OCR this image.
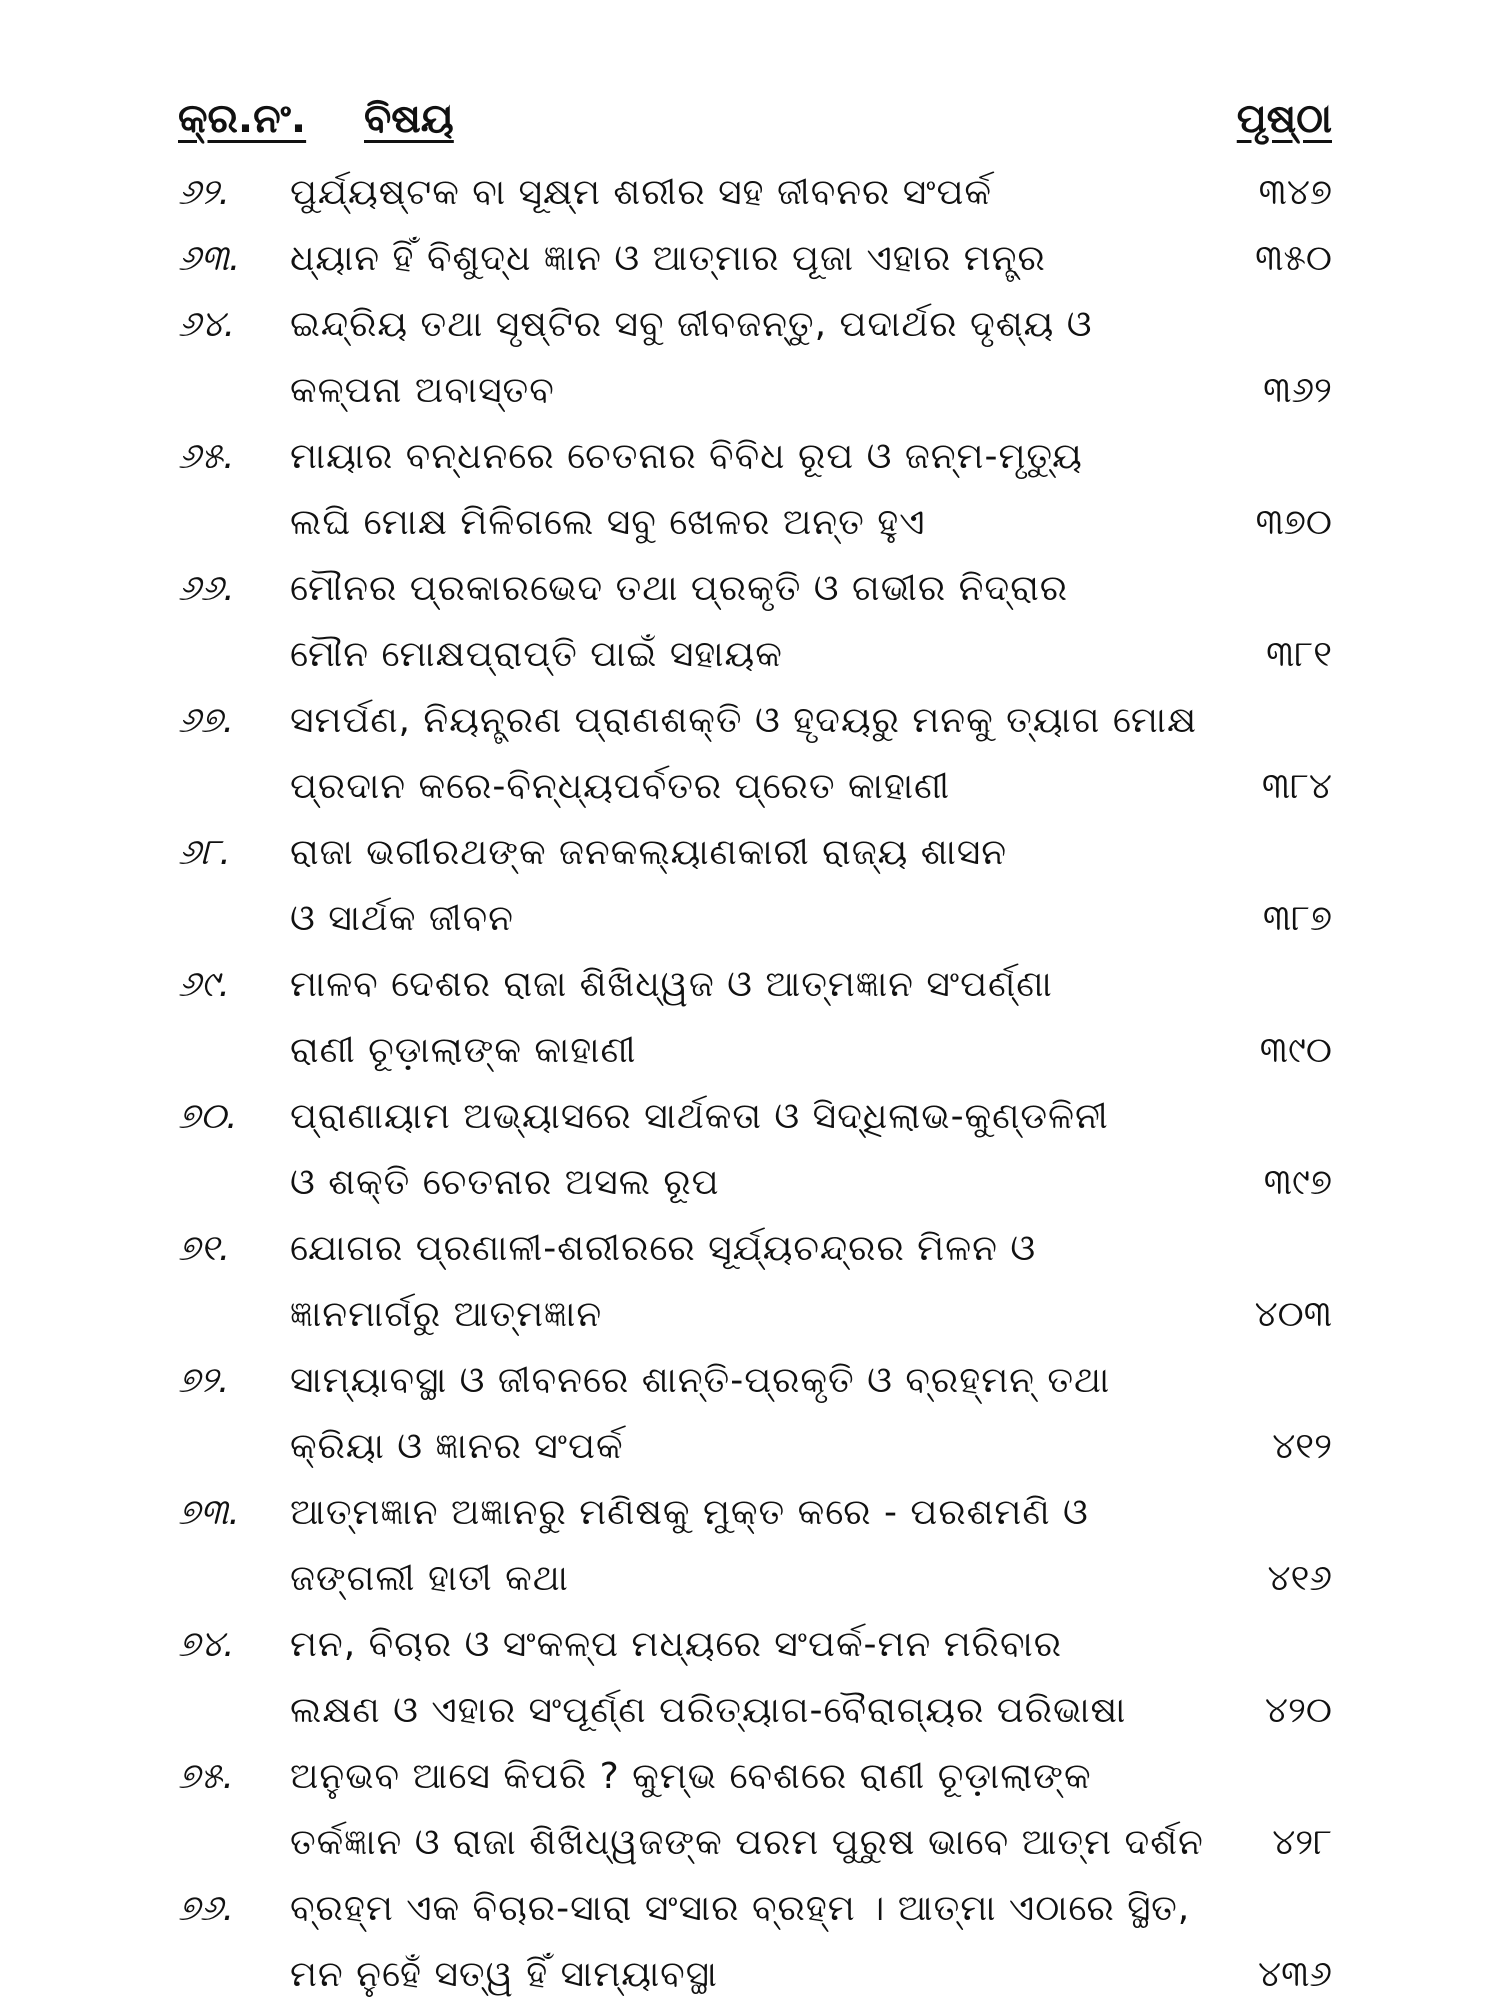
କ୍ର.ନଂ. ବିଷୟ	ପୃଷ୍ଠା
୬୨. ପୁର୍ଯ୍ୟଷ୍ଟକ ବା ସୂକ୍ଷ୍ମ ଶରୀର ସହ ଜୀବନର ସଂପର୍କ	୩୪୭
୬୩. ଧ୍ୟାନ ହିଁ ବିଶୁଦ୍ଧ ଜ୍ଞାନ ଓ ଆତ୍ମାର ପୂଜା ଏହାର ମନ୍ତ୍ର	୩୫୦
୬୪. ଇନ୍ଦ୍ରିୟ ତଥା ସୃଷ୍ଟିର ସବୁ ଜୀବଜନ୍ତୁ, ପଦାର୍ଥର ଦୃଶ୍ୟ ଓ
କଳ୍ପନା ଅବାସ୍ତବ	୩୬୨
୬୫. ମାୟାର ବନ୍ଧନରେ ଚେତନାର ବିବିଧ ରୂପ ଓ ଜନ୍ମ-ମୃତ୍ୟୁ
ଲଘି ମୋକ୍ଷ ମିଳିଗଲେ ସବୁ ଖେଳର ଅନ୍ତ ହୁଏ	୩୭୦
୬୬. ମୌନର ପ୍ରକାରଭେଦ ତଥା ପ୍ରକୃତି ଓ ଗଭୀର ନିଦ୍ରାର
ମୌନ ମୋକ୍ଷପ୍ରାପ୍ତି ପାଇଁ ସହାୟକ	୩୮୧
୬୭. ସମର୍ପଣ, ନିୟନ୍ତ୍ରଣ ପ୍ରାଣଶକ୍ତି ଓ ହୃଦୟରୁ ମନକୁ ତ୍ୟାଗ ମୋକ୍ଷ
ପ୍ରଦାନ କରେ-ବିନ୍ଧ୍ୟପର୍ବତର ପ୍ରେତ କାହାଣୀ	୩୮୪
୬୮. ରାଜା ଭଗୀରଥଙ୍କ ଜନକଲ୍ୟାଣକାରୀ ରାଜ୍ୟ ଶାସନ
ଓ ସାର୍ଥକ ଜୀବନ	୩୮୭
୬୯. ମାଳବ ଦେଶର ରାଜା ଶିଖିଧ୍ୱଜ ଓ ଆତ୍ମଜ୍ଞାନ ସଂପର୍ଣ୍ଣା
ରାଣୀ ଚୂଡ଼ାଲାଙ୍କ କାହାଣୀ	୩୯୦
୭୦. ପ୍ରାଣାୟାମ ଅଭ୍ୟାସରେ ସାର୍ଥକତା ଓ ସିଦ୍ଧିଲାଭ-କୁଣ୍ଡଳିନୀ
ଓ ଶକ୍ତି ଚେତନାର ଅସଲ ରୂପ	୩୯୭
୭୧. ଯୋଗର ପ୍ରଣାଳୀ-ଶରୀରରେ ସୂର୍ଯ୍ୟଚନ୍ଦ୍ରର ମିଳନ ଓ
ଜ୍ଞାନମାର୍ଗରୁ ଆତ୍ମଜ୍ଞାନ	୪୦୩
୭୨. ସାମ୍ୟାବସ୍ଥା ଓ ଜୀବନରେ ଶାନ୍ତି-ପ୍ରକୃତି ଓ ବ୍ରହ୍ମନ୍ ତଥା
କ୍ରିୟା ଓ ଜ୍ଞାନର ସଂପର୍କ	୪୧୨
୭୩. ଆତ୍ମଜ୍ଞାନ ଅଜ୍ଞାନରୁ ମଣିଷକୁ ମୁକ୍ତ କରେ - ପରଶମଣି ଓ
ଜଙ୍ଗଲୀ ହାତୀ କଥା	୪୧୬
୭୪. ମନ, ବିଚାର ଓ ସଂକଳ୍ପ ମଧ୍ୟରେ ସଂପର୍କ-ମନ ମରିବାର
ଲକ୍ଷଣ ଓ ଏହାର ସଂପୂର୍ଣ୍ଣ ପରିତ୍ୟାଗ-ବୈରାଗ୍ୟର ପରିଭାଷା	୪୨୦
୭୫. ଅନୁଭବ ଆସେ କିପରି ? କୁମ୍ଭ ବେଶରେ ରାଣୀ ଚୂଡ଼ାଲାଙ୍କ
ତର୍କଜ୍ଞାନ ଓ ରାଜା ଶିଖିଧ୍ୱଜଙ୍କ ପରମ ପୁରୁଷ ଭାବେ ଆତ୍ମ ଦର୍ଶନ ୪୨୮
୭୬. ବ୍ରହ୍ମ ଏକ ବିଚାର-ସାରା ସଂସାର ବ୍ରହ୍ମ । ଆତ୍ମା ଏଠାରେ ସ୍ଥିତ,
ମନ ନୁହେଁ ସତ୍ୱ ହିଁ ସାମ୍ୟାବସ୍ଥା	୪୩୬
